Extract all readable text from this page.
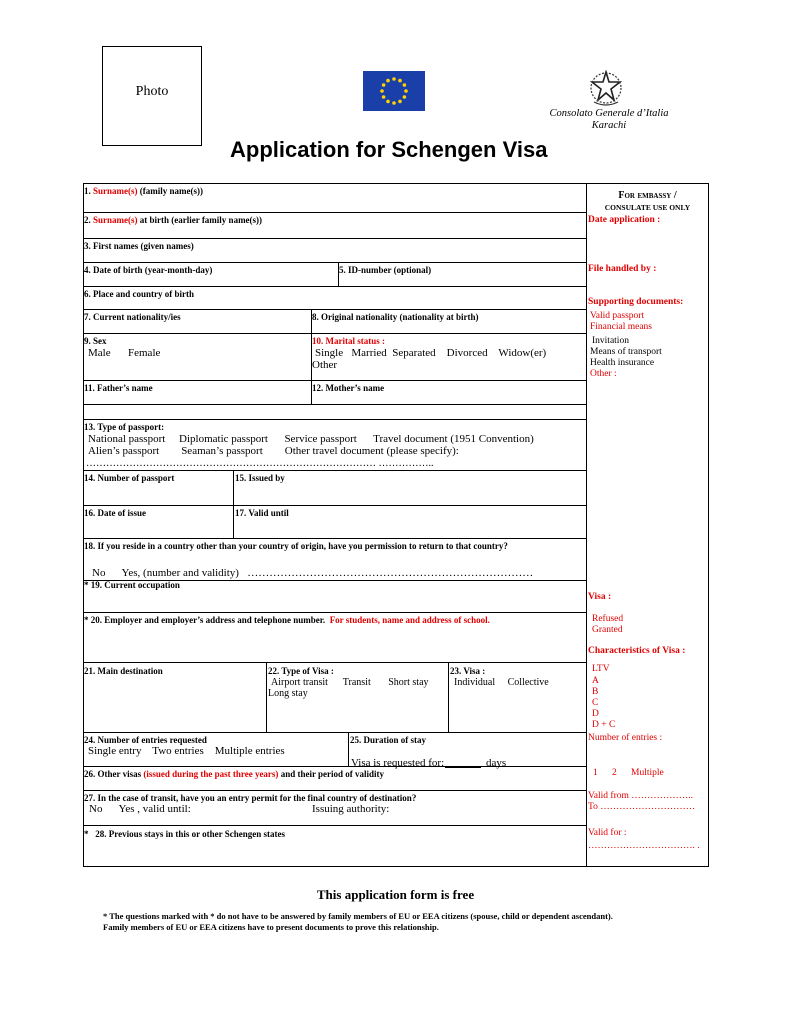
Photo
Consolato Generale d’Italia
Karachi
Application for Schengen Visa
1. Surname(s) (family name(s))
2. Surname(s) at birth (earlier family name(s))
3. First names (given names)
4. Date of birth (year-month-day)	5. ID-number (optional)
6. Place and country of birth
7. Current nationality/ies	8. Original nationality (nationality at birth)
9. Sex
Male Female
10. Marital status :
Single   Married  Separated    Divorced    Widow(er)
Other
11. Father’s name	12. Mother’s name
13. Type of passport:
National passport     Diplomatic passport      Service passport      Travel document (1951 Convention)
Alien’s passport        Seaman’s passport        Other travel document (please specify):
…………………………………………………………………………… ……………..
14. Number of passport	15. Issued by
16. Date of issue	17. Valid until
18. If you reside in a country other than your country of origin, have you permission to return to that country?
No      Yes, (number and validity)   ……………………………………………………………………
* 19. Current occupation
* 20. Employer and employer’s address and telephone number. For students, name and address of school.
21. Main destination	22. Type of Visa :
Airport transit      Transit       Short stay
Long stay
23. Visa :
Individual     Collective
24. Number of entries requested
Single entry    Two entries    Multiple entries
25. Duration of stay
Visa is requested for:	days
26. Other visas (issued during the past three years) and their period of validity
27. In the case of transit, have you an entry permit for the final country of destination?
No      Yes , valid until:	Issuing authority:
*   28. Previous stays in this or other Schengen states
For embassy /
CONSULATE USE ONLY
Date application :
File handled by :
Supporting documents:
Valid passport
Financial means
Invitation
Means of transport
Health insurance
Other :
Visa :
Refused
Granted
Characteristics of Visa :
LTV
A
B
C
D
D + C
Number of entries :
1      2      Multiple
Valid from ………………..
To …………………………
Valid for :
……………………………. .
This application form is free
* The questions marked with * do not have to be answered by family members of EU or EEA citizens (spouse, child or dependent ascendant).
Family members of EU or EEA citizens have to present documents to prove this relationship.
